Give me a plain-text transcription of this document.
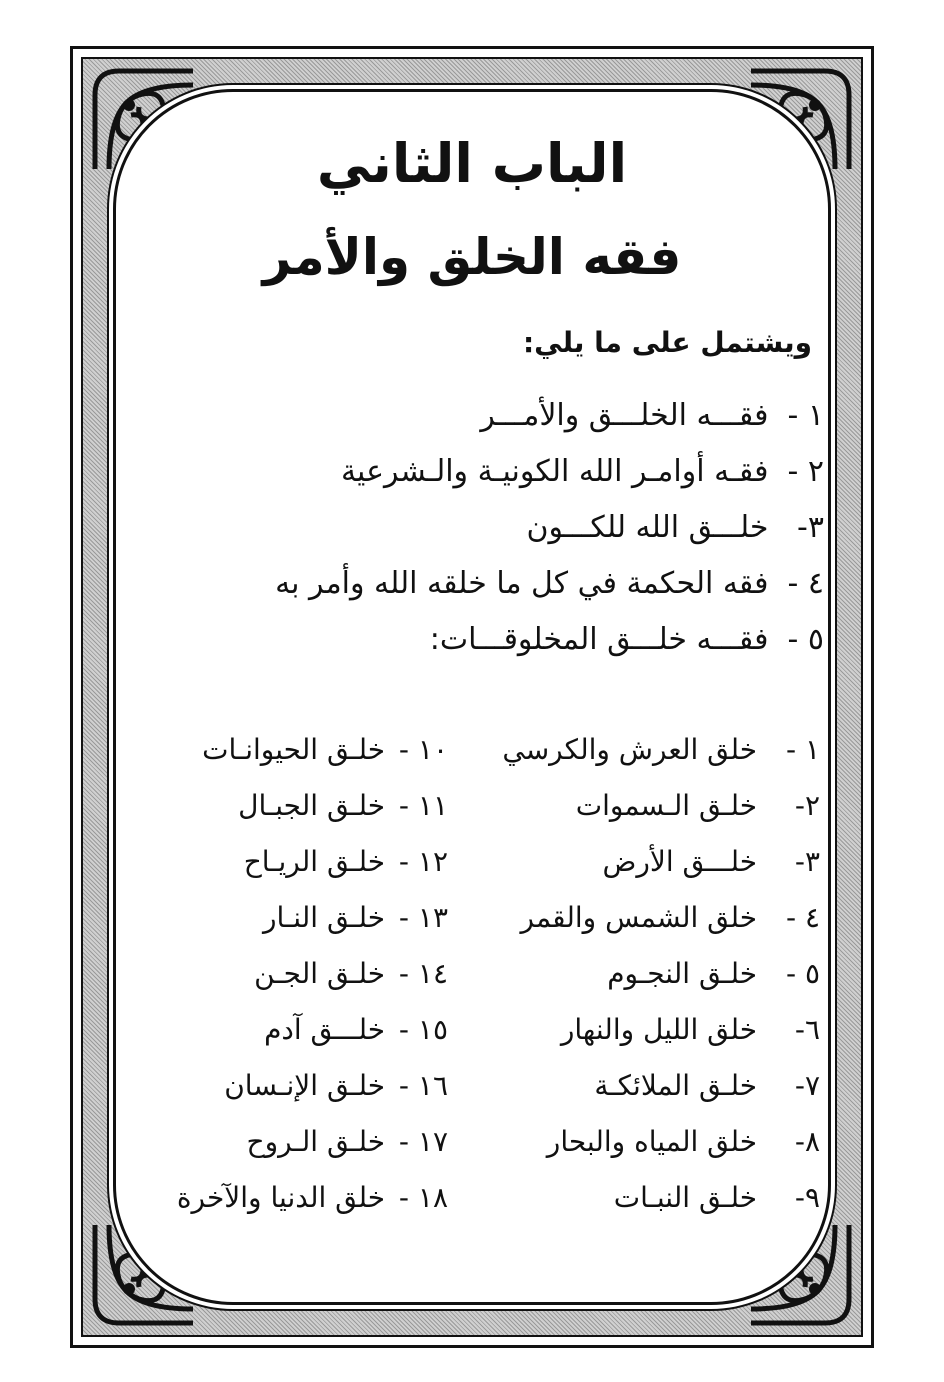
الباب الثاني
فقه الخلق والأمر
ويشتمل على ما يلي:
١ - فقـــه الخلـــق والأمـــر
٢ - فقـه أوامـر الله الكونيـة والـشرعية
٣- خلـــق الله للكـــون
٤ - فقه الحكمة في كل ما خلقه الله وأمر به
٥ - فقـــه خلـــق المخلوقـــات:
١ - خلق العرش والكرسي
٢- خلـق الـسموات
٣- خلـــق الأرض
٤ - خلق الشمس والقمر
٥ - خلـق النجـوم
٦- خلق الليل والنهار
٧- خلـق الملائكـة
٨- خلق المياه والبحار
٩- خلـق النبـات
١٠ - خلـق الحيوانـات
١١ - خلـق الجبـال
١٢ - خلـق الريـاح
١٣ - خلـق النـار
١٤ - خلـق الجـن
١٥ - خلـــق آدم
١٦ - خلـق الإنـسان
١٧ - خلـق الـروح
١٨ - خلق الدنيا والآخرة
